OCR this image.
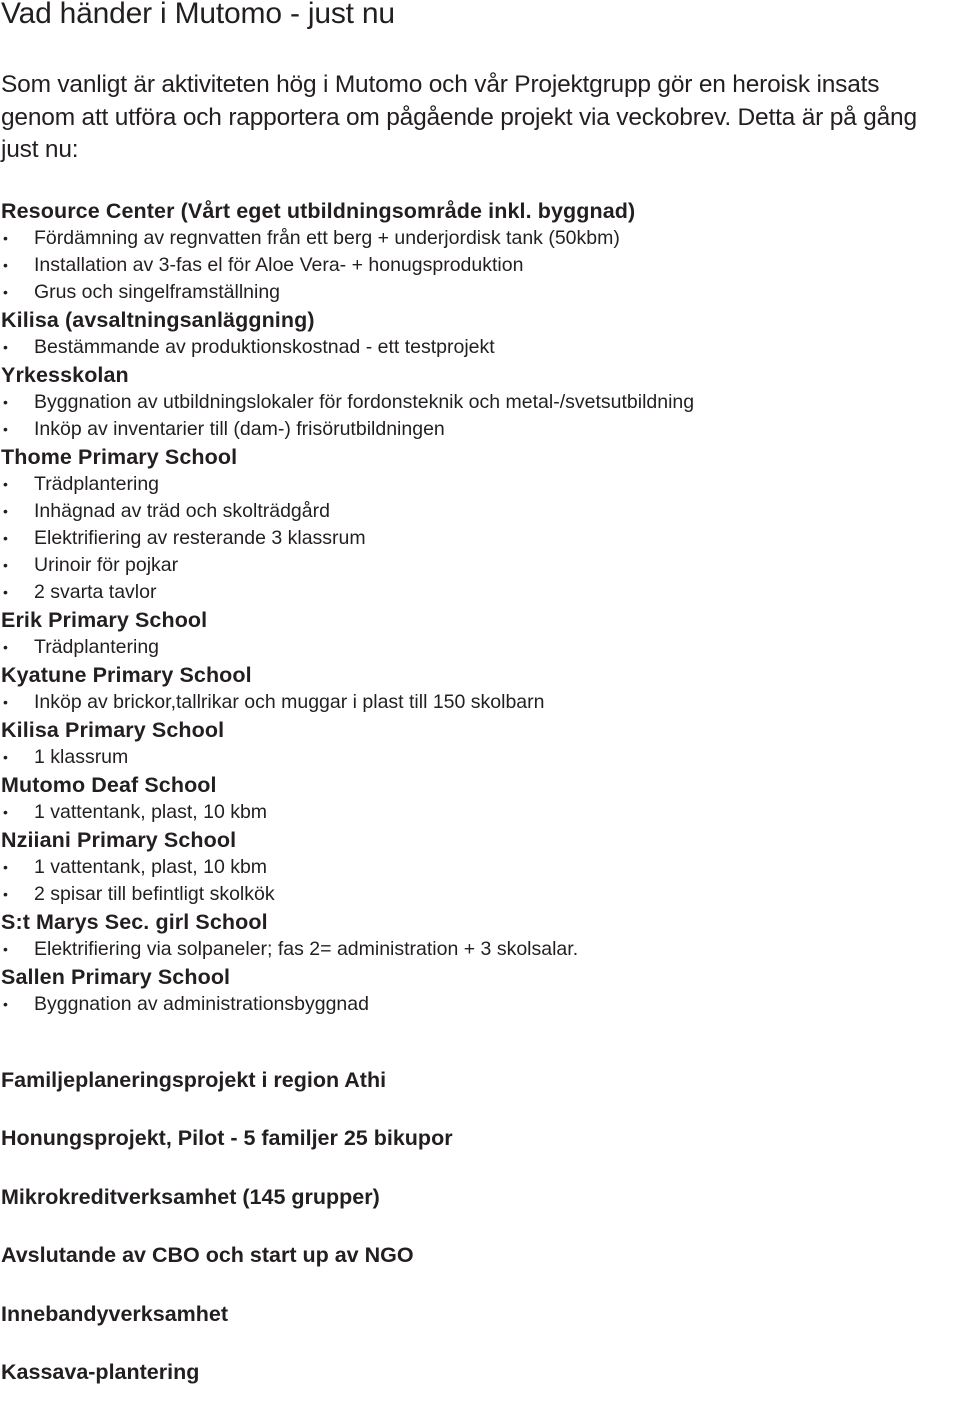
Vad händer i Mutomo - just nu

Som vanligt är aktiviteten hög i Mutomo och vår Projektgrupp gör en heroisk insats genom att utföra och rapportera om pågående projekt via veckobrev. Detta är på gång just nu:

Resource Center (Vårt eget utbildningsområde inkl. byggnad)
• Fördämning av regnvatten från ett berg + underjordisk tank (50kbm)
• Installation av 3-fas el för Aloe Vera- + honugsproduktion
• Grus och singelframställning
Kilisa (avsaltningsanläggning)
• Bestämmande av produktionskostnad - ett testprojekt
Yrkesskolan
• Byggnation av utbildningslokaler för fordonsteknik och metal-/svetsutbildning
• Inköp av inventarier till (dam-) frisörutbildningen
Thome Primary School
• Trädplantering
• Inhägnad av träd och skolträdgård
• Elektrifiering av resterande 3 klassrum
• Urinoir för pojkar
• 2 svarta tavlor
Erik Primary School
• Trädplantering
Kyatune Primary School
• Inköp av brickor,tallrikar och muggar i plast till 150 skolbarn
Kilisa Primary School
• 1 klassrum
Mutomo Deaf School
• 1 vattentank, plast, 10 kbm
Nziiani Primary School
• 1 vattentank, plast, 10 kbm
• 2 spisar till befintligt skolkök
S:t Marys Sec. girl School
• Elektrifiering via solpaneler; fas 2= administration + 3 skolsalar.
Sallen Primary School
• Byggnation av administrationsbyggnad
Familjeplaneringsprojekt i region Athi
Honungsprojekt, Pilot - 5 familjer 25 bikupor
Mikrokreditverksamhet (145 grupper)
Avslutande av CBO och start up av NGO
Innebandyverksamhet
Kassava-plantering
